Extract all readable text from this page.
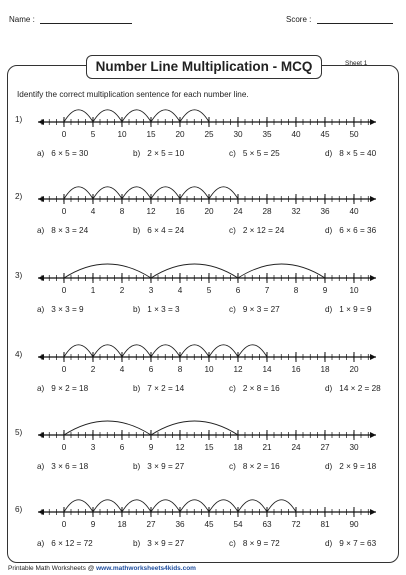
Name :	Score :
Number Line Multiplication - MCQ	Sheet 1
Identify the correct multiplication sentence for each number line.
1)
0	5	10 15 20 25 30 35 40 45 50
a) 6 × 5 = 30	b) 2 × 5 = 10	c) 5 × 5 = 25	d) 8 × 5 = 40
2)
0	4	8	12 16 20 24 28 32 36 40
a) 8 × 3 = 24	b) 6 × 4 = 24	c) 2 × 12 = 24	d) 6 × 6 = 36
3)
0	1	2	3	4	5	6	7	8	9	10
a) 3 × 3 = 9	b) 1 × 3 = 3	c) 9 × 3 = 27	d) 1 × 9 = 9
4)
0	2	4	6	8	10 12 14 16 18 20
a) 9 × 2 = 18	b) 7 × 2 = 14	c) 2 × 8 = 16	d) 14 × 2 = 28
5)
0	3	6	9	12 15 18 21 24 27 30
a) 3 × 6 = 18	b) 3 × 9 = 27	c) 8 × 2 = 16	d) 2 × 9 = 18
6)
0	9	18 27 36 45 54 63 72 81 90
a) 6 × 12 = 72	b) 3 × 9 = 27	c) 8 × 9 = 72	d) 9 × 7 = 63
Printable Math Worksheets @ www.mathworksheets4kids.com
